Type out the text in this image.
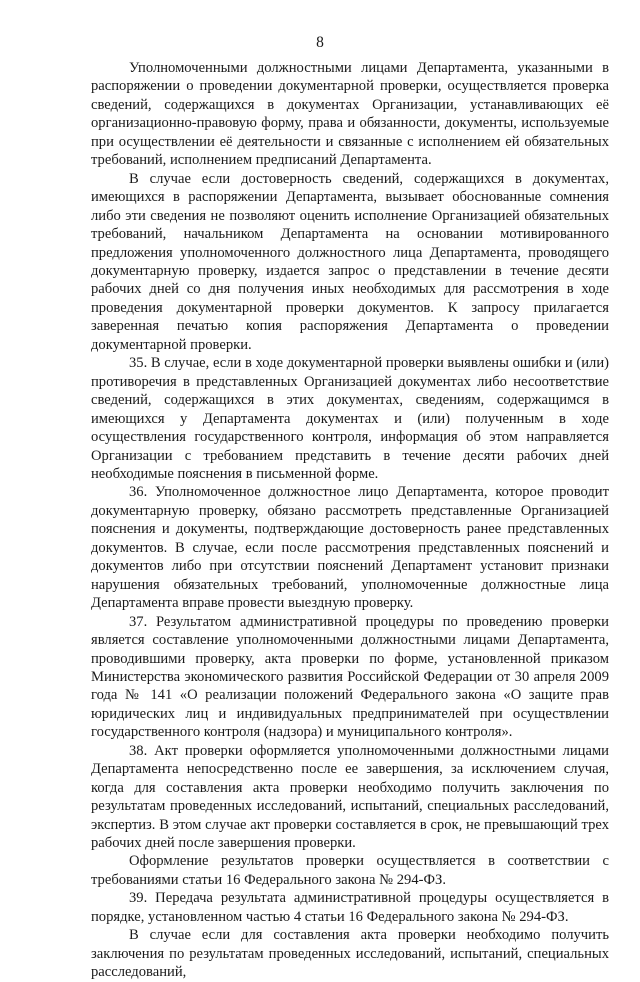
8

Уполномоченными должностными лицами Департамента, указанными в распоряжении о проведении документарной проверки, осуществляется проверка сведений, содержащихся в документах Организации, устанавливающих её организационно-правовую форму, права и обязанности, документы, используемые при осуществлении её деятельности и связанные с исполнением ей обязательных требований, исполнением предписаний Департамента.

В случае если достоверность сведений, содержащихся в документах, имеющихся в распоряжении Департамента, вызывает обоснованные сомнения либо эти сведения не позволяют оценить исполнение Организацией обязательных требований, начальником Департамента на основании мотивированного предложения уполномоченного должностного лица Департамента, проводящего документарную проверку, издается запрос о представлении в течение десяти рабочих дней со дня получения иных необходимых для рассмотрения в ходе проведения документарной проверки документов. К запросу прилагается заверенная печатью копия распоряжения Департамента о проведении документарной проверки.

35. В случае, если в ходе документарной проверки выявлены ошибки и (или) противоречия в представленных Организацией документах либо несоответствие сведений, содержащихся в этих документах, сведениям, содержащимся в имеющихся у Департамента документах и (или) полученным в ходе осуществления государственного контроля, информация об этом направляется Организации с требованием представить в течение десяти рабочих дней необходимые пояснения в письменной форме.

36. Уполномоченное должностное лицо Департамента, которое проводит документарную проверку, обязано рассмотреть представленные Организацией пояснения и документы, подтверждающие достоверность ранее представленных документов. В случае, если после рассмотрения представленных пояснений и документов либо при отсутствии пояснений Департамент установит признаки нарушения обязательных требований, уполномоченные должностные лица Департамента вправе провести выездную проверку.

37. Результатом административной процедуры по проведению проверки является составление уполномоченными должностными лицами Департамента, проводившими проверку, акта проверки по форме, установленной приказом Министерства экономического развития Российской Федерации от 30 апреля 2009 года № 141 «О реализации положений Федерального закона «О защите прав юридических лиц и индивидуальных предпринимателей при осуществлении государственного контроля (надзора) и муниципального контроля».

38. Акт проверки оформляется уполномоченными должностными лицами Департамента непосредственно после ее завершения, за исключением случая, когда для составления акта проверки необходимо получить заключения по результатам проведенных исследований, испытаний, специальных расследований, экспертиз. В этом случае акт проверки составляется в срок, не превышающий трех рабочих дней после завершения проверки.

Оформление результатов проверки осуществляется в соответствии с требованиями статьи 16 Федерального закона № 294-ФЗ.

39. Передача результата административной процедуры осуществляется в порядке, установленном частью 4 статьи 16 Федерального закона № 294-ФЗ.

В случае если для составления акта проверки необходимо получить заключения по результатам проведенных исследований, испытаний, специальных расследований,
